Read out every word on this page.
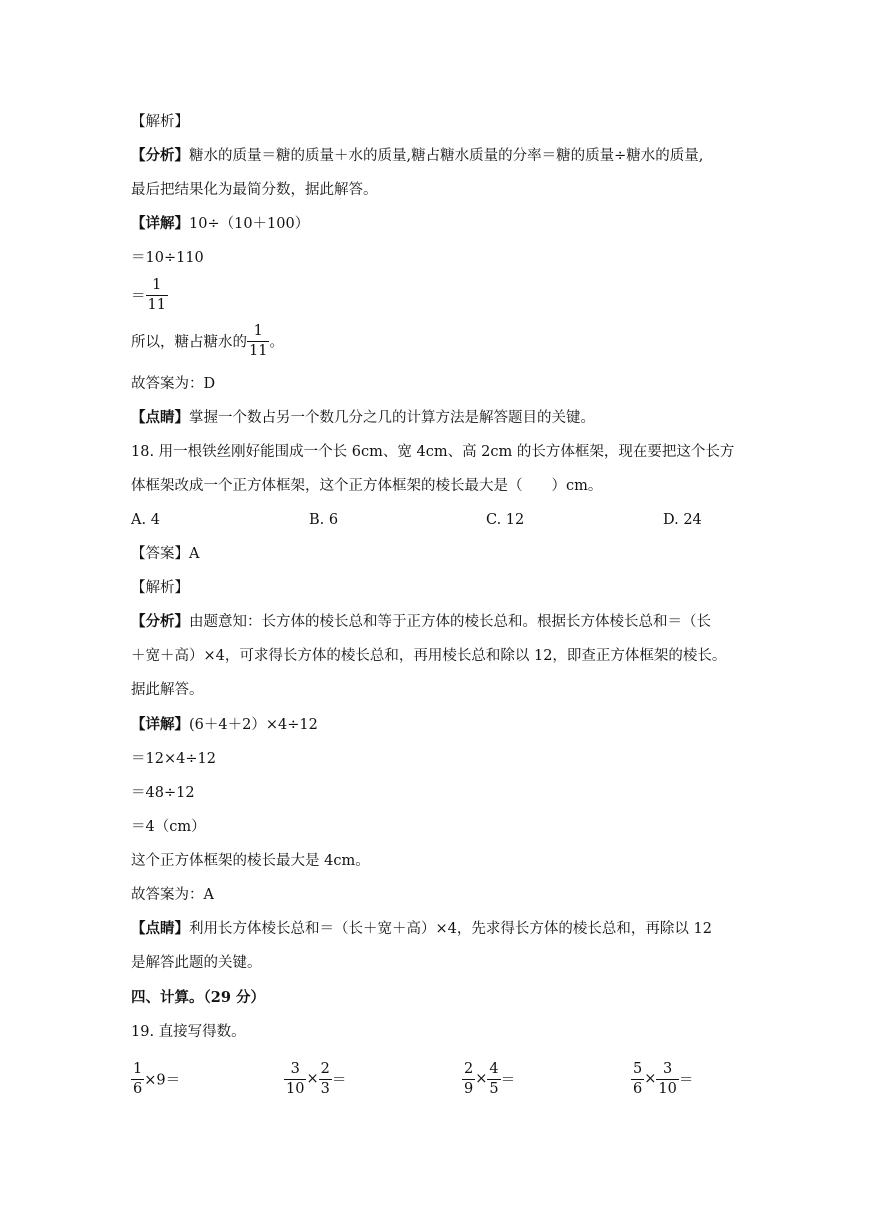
【解析】
【分析】糖水的质量＝糖的质量＋水的质量,糖占糖水质量的分率＝糖的质量÷糖水的质量,
最后把结果化为最简分数，据此解答。
【详解】10÷（10＋100）
＝10÷110
＝ $\frac{1}{11}$
所以，糖占糖水的 $\frac{1}{11}$ 。
故答案为：D
【点睛】掌握一个数占另一个数几分之几的计算方法是解答题目的关键。
18. 用一根铁丝刚好能围成一个长 6cm、宽 4cm、高 2cm 的长方体框架，现在要把这个长方
体框架改成一个正方体框架，这个正方体框架的棱长最大是（　　）cm。
A. 4	B. 6	C. 12	D. 24
【答案】A
【解析】
【分析】由题意知：长方体的棱长总和等于正方体的棱长总和。根据长方体棱长总和＝（长
＋宽＋高）×4，可求得长方体的棱长总和，再用棱长总和除以 12，即查正方体框架的棱长。
据此解答。
【详解】(6＋4＋2）×4÷12
＝12×4÷12
＝48÷12
＝4（cm）
这个正方体框架的棱长最大是 4cm。
故答案为：A
【点睛】利用长方体棱长总和＝（长＋宽＋高）×4，先求得长方体的棱长总和，再除以 12
是解答此题的关键。
四、计算。（29 分）
19. 直接写得数。
$\frac{1}{6} \times 9=$	$\frac{3}{10} \times \frac{2}{3}$ ＝	$\frac{2}{9} \times \frac{4}{5}$ ＝	$\frac{5}{6} \times \frac{3}{10}$ ＝
